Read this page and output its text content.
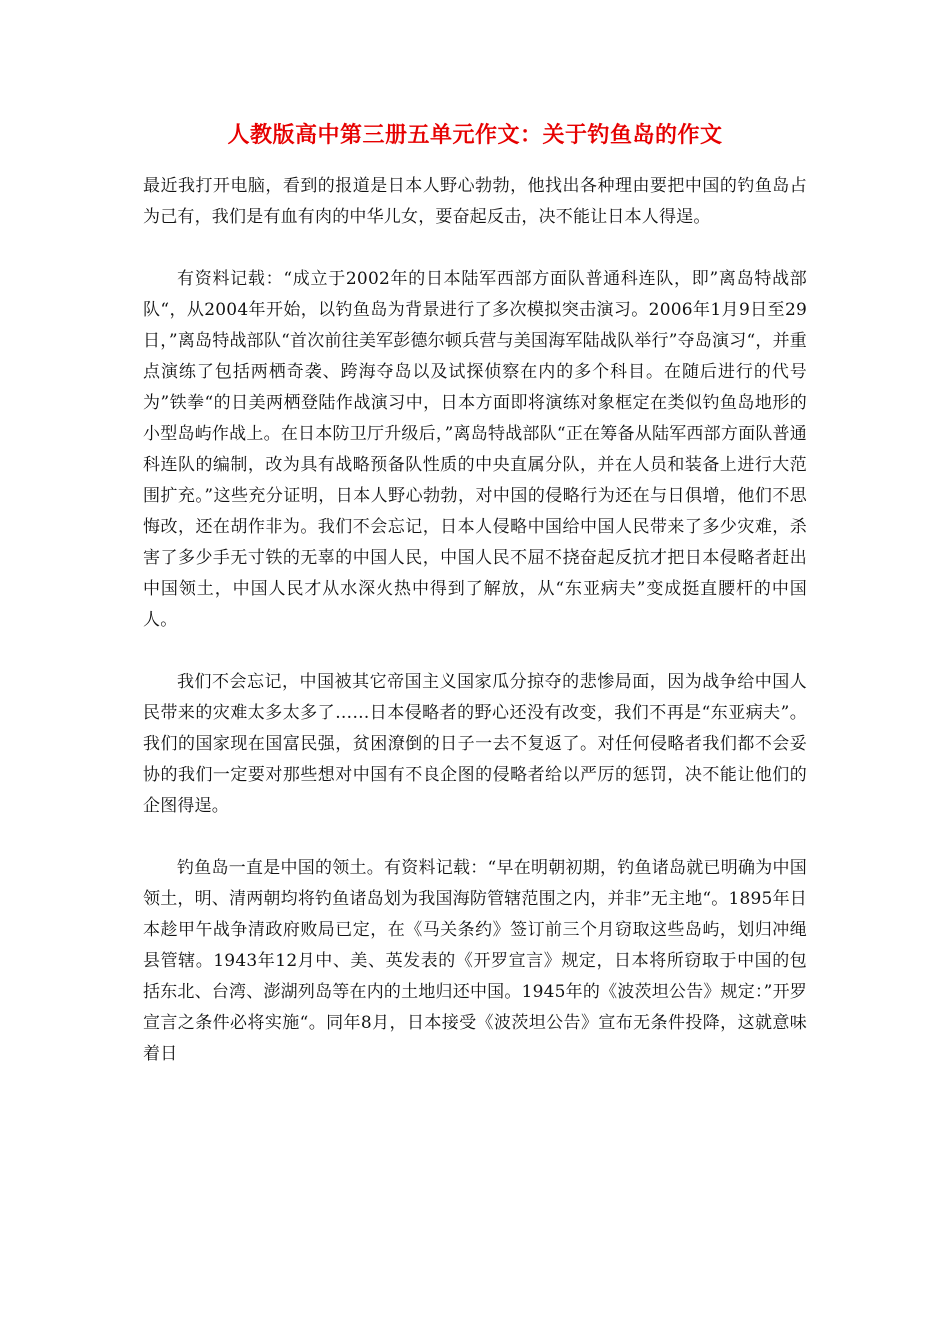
人教版高中第三册五单元作文：关于钓鱼岛的作文

最近我打开电脑，看到的报道是日本人野心勃勃，他找出各种理由要把中国的钓鱼岛占为己有，我们是有血有肉的中华儿女，要奋起反击，决不能让日本人得逞。

有资料记载：“成立于2002年的日本陆军西部方面队普通科连队，即”离岛特战部队“，从2004年开始，以钓鱼岛为背景进行了多次模拟突击演习。2006年1月9日至29日，”离岛特战部队“首次前往美军彭德尔顿兵营与美国海军陆战队举行”夺岛演习“，并重点演练了包括两栖奇袭、跨海夺岛以及试探侦察在内的多个科目。在随后进行的代号为”铁拳“的日美两栖登陆作战演习中，日本方面即将演练对象框定在类似钓鱼岛地形的小型岛屿作战上。在日本防卫厅升级后，”离岛特战部队“正在筹备从陆军西部方面队普通科连队的编制，改为具有战略预备队性质的中央直属分队，并在人员和装备上进行大范围扩充。”这些充分证明，日本人野心勃勃，对中国的侵略行为还在与日俱增，他们不思悔改，还在胡作非为。我们不会忘记，日本人侵略中国给中国人民带来了多少灾难，杀害了多少手无寸铁的无辜的中国人民，中国人民不屈不挠奋起反抗才把日本侵略者赶出中国领土，中国人民才从水深火热中得到了解放，从“东亚病夫”变成挺直腰杆的中国人。

我们不会忘记，中国被其它帝国主义国家瓜分掠夺的悲惨局面，因为战争给中国人民带来的灾难太多太多了……日本侵略者的野心还没有改变，我们不再是“东亚病夫”。我们的国家现在国富民强，贫困潦倒的日子一去不复返了。对任何侵略者我们都不会妥协的我们一定要对那些想对中国有不良企图的侵略者给以严厉的惩罚，决不能让他们的企图得逞。

钓鱼岛一直是中国的领土。有资料记载：“早在明朝初期，钓鱼诸岛就已明确为中国领土，明、清两朝均将钓鱼诸岛划为我国海防管辖范围之内，并非”无主地“。1895年日本趁甲午战争清政府败局已定，在《马关条约》签订前三个月窃取这些岛屿，划归冲绳县管辖。1943年12月中、美、英发表的《开罗宣言》规定，日本将所窃取于中国的包括东北、台湾、澎湖列岛等在内的土地归还中国。1945年的《波茨坦公告》规定：”开罗宣言之条件必将实施“。同年8月，日本接受《波茨坦公告》宣布无条件投降，这就意味着日
